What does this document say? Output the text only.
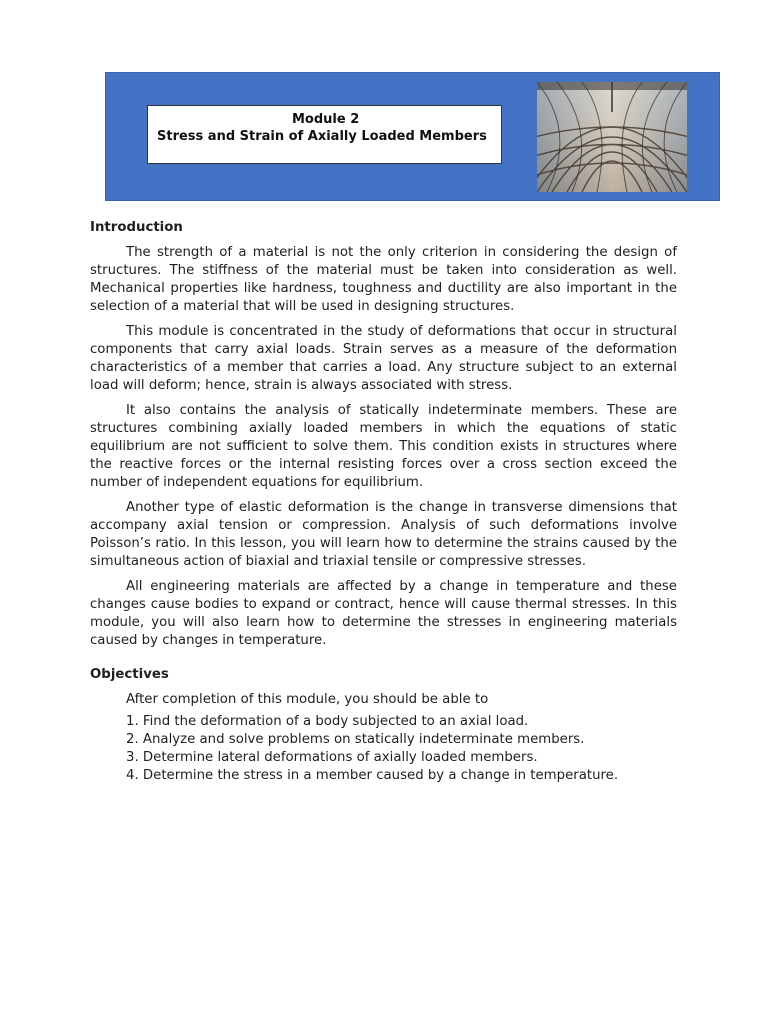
Module 2
Stress and Strain of Axially Loaded Members
Introduction

The strength of a material is not the only criterion in considering the design of structures. The stiffness of the material must be taken into consideration as well. Mechanical properties like hardness, toughness and ductility are also important in the selection of a material that will be used in designing structures.

This module is concentrated in the study of deformations that occur in structural components that carry axial loads. Strain serves as a measure of the deformation characteristics of a member that carries a load. Any structure subject to an external load will deform; hence, strain is always associated with stress.

It also contains the analysis of statically indeterminate members. These are structures combining axially loaded members in which the equations of static equilibrium are not sufficient to solve them. This condition exists in structures where the reactive forces or the internal resisting forces over a cross section exceed the number of independent equations for equilibrium.

Another type of elastic deformation is the change in transverse dimensions that accompany axial tension or compression. Analysis of such deformations involve Poisson’s ratio. In this lesson, you will learn how to determine the strains caused by the simultaneous action of biaxial and triaxial tensile or compressive stresses.

All engineering materials are affected by a change in temperature and these changes cause bodies to expand or contract, hence will cause thermal stresses. In this module, you will also learn how to determine the stresses in engineering materials caused by changes in temperature.

Objectives

After completion of this module, you should be able to

1. Find the deformation of a body subjected to an axial load.
2. Analyze and solve problems on statically indeterminate members.
3. Determine lateral deformations of axially loaded members.
4. Determine the stress in a member caused by a change in temperature.
